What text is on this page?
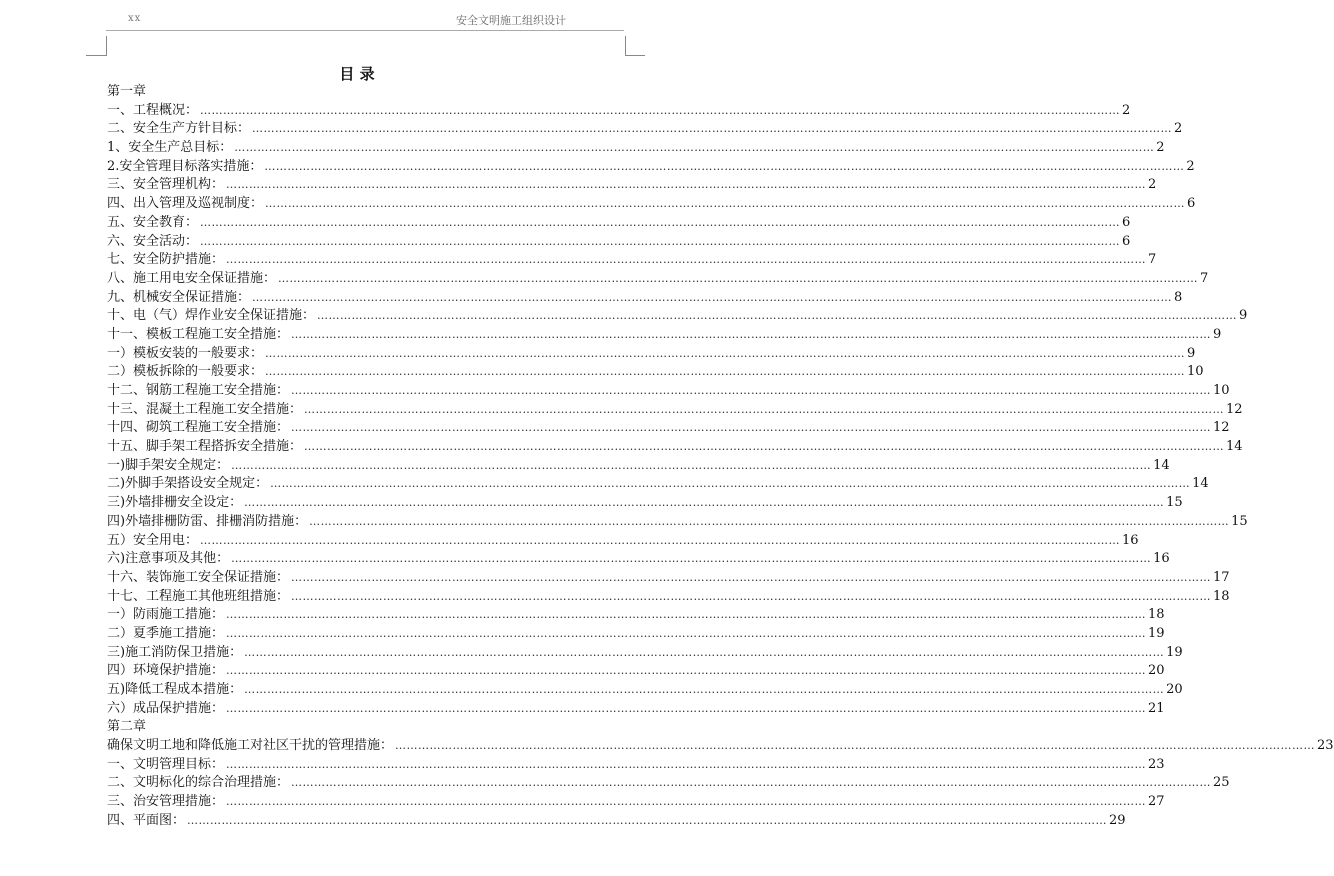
xx	安全文明施工组织设计
目 录
第一章
一、工程概况： …………………………………………………………………………………………………………………………………………………………………………………………………………………… 2
二、安全生产方针目标： …………………………………………………………………………………………………………………………………………………………………………………………………………………… 2
1、安全生产总目标： …………………………………………………………………………………………………………………………………………………………………………………………………………………… 2
2.安全管理目标落实措施： …………………………………………………………………………………………………………………………………………………………………………………………………………………… 2
三、安全管理机构： …………………………………………………………………………………………………………………………………………………………………………………………………………………… 2
四、出入管理及巡视制度： …………………………………………………………………………………………………………………………………………………………………………………………………………………… 6
五、安全教育： …………………………………………………………………………………………………………………………………………………………………………………………………………………… 6
六、安全活动： …………………………………………………………………………………………………………………………………………………………………………………………………………………… 6
七、安全防护措施： …………………………………………………………………………………………………………………………………………………………………………………………………………………… 7
八、施工用电安全保证措施： …………………………………………………………………………………………………………………………………………………………………………………………………………………… 7
九、机械安全保证措施： …………………………………………………………………………………………………………………………………………………………………………………………………………………… 8
十、电（气）焊作业安全保证措施： …………………………………………………………………………………………………………………………………………………………………………………………………………………… 9
十一、模板工程施工安全措施： …………………………………………………………………………………………………………………………………………………………………………………………………………………… 9
一）模板安装的一般要求： …………………………………………………………………………………………………………………………………………………………………………………………………………………… 9
二）模板拆除的一般要求： …………………………………………………………………………………………………………………………………………………………………………………………………………………… 10
十二、钢筋工程施工安全措施： …………………………………………………………………………………………………………………………………………………………………………………………………………………… 10
十三、混凝土工程施工安全措施： …………………………………………………………………………………………………………………………………………………………………………………………………………………… 12
十四、砌筑工程施工安全措施： …………………………………………………………………………………………………………………………………………………………………………………………………………………… 12
十五、脚手架工程搭拆安全措施： …………………………………………………………………………………………………………………………………………………………………………………………………………………… 14
一)脚手架安全规定： …………………………………………………………………………………………………………………………………………………………………………………………………………………… 14
二)外脚手架搭设安全规定： …………………………………………………………………………………………………………………………………………………………………………………………………………………… 14
三)外墙排栅安全设定： …………………………………………………………………………………………………………………………………………………………………………………………………………………… 15
四)外墙排栅防雷、排栅消防措施： …………………………………………………………………………………………………………………………………………………………………………………………………………………… 15
五）安全用电： …………………………………………………………………………………………………………………………………………………………………………………………………………………… 16
六)注意事项及其他： …………………………………………………………………………………………………………………………………………………………………………………………………………………… 16
十六、装饰施工安全保证措施： …………………………………………………………………………………………………………………………………………………………………………………………………………………… 17
十七、工程施工其他班组措施： …………………………………………………………………………………………………………………………………………………………………………………………………………………… 18
一）防雨施工措施： …………………………………………………………………………………………………………………………………………………………………………………………………………………… 18
二）夏季施工措施： …………………………………………………………………………………………………………………………………………………………………………………………………………………… 19
三)施工消防保卫措施： …………………………………………………………………………………………………………………………………………………………………………………………………………………… 19
四）环境保护措施： …………………………………………………………………………………………………………………………………………………………………………………………………………………… 20
五)降低工程成本措施： …………………………………………………………………………………………………………………………………………………………………………………………………………………… 20
六）成品保护措施： …………………………………………………………………………………………………………………………………………………………………………………………………………………… 21
第二章
确保文明工地和降低施工对社区干扰的管理措施： …………………………………………………………………………………………………………………………………………………………………………………………………………………… 23
一、文明管理目标： …………………………………………………………………………………………………………………………………………………………………………………………………………………… 23
二、文明标化的综合治理措施： …………………………………………………………………………………………………………………………………………………………………………………………………………………… 25
三、治安管理措施： …………………………………………………………………………………………………………………………………………………………………………………………………………………… 27
四、平面图： …………………………………………………………………………………………………………………………………………………………………………………………………………………… 29
